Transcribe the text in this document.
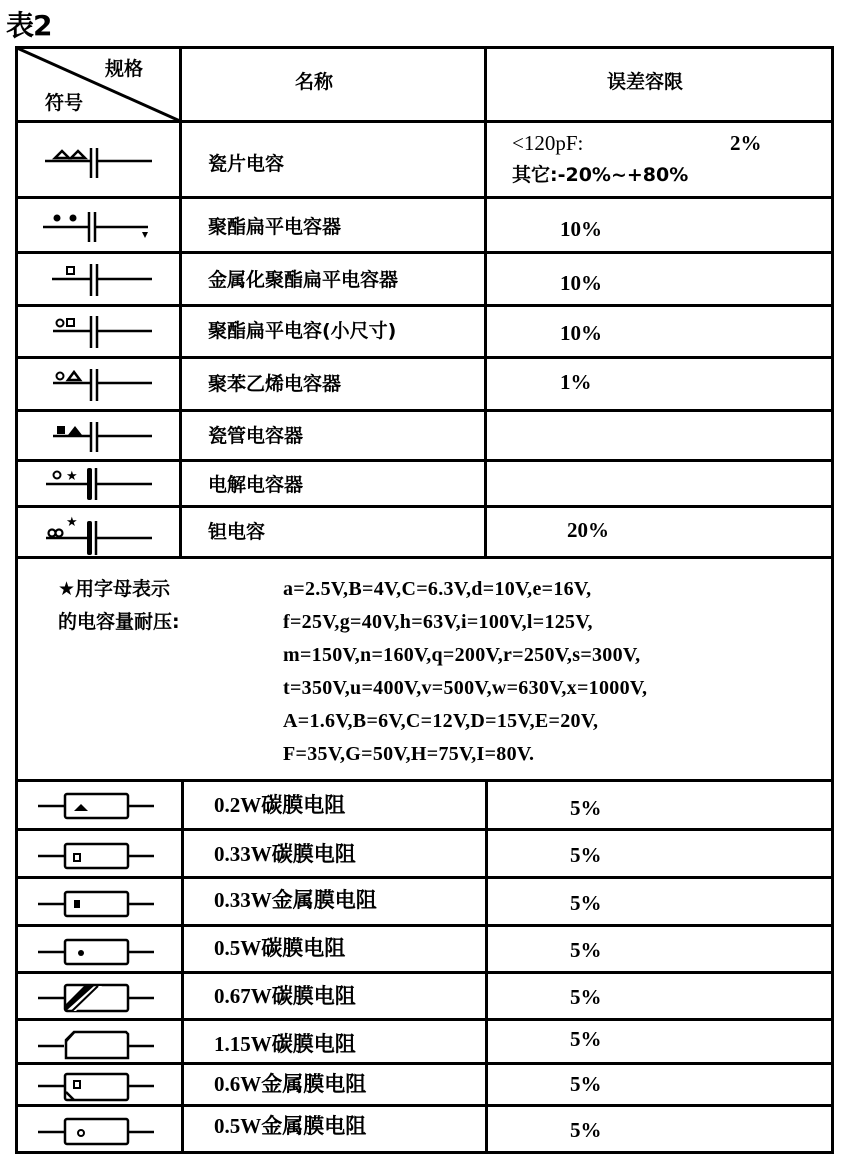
表2
规格
符号
名称	误差容限
瓷片电容
<120pF:	2%
其它:-20%~+80%
聚酯扁平电容器	10%
金属化聚酯扁平电容器	10%
聚酯扁平电容(小尺寸)	10%
聚苯乙烯电容器	1%
瓷管电容器
★	电解电容器
★	钽电容	20%
★用字母表示
的电容量耐压:
a=2.5V,B=4V,C=6.3V,d=10V,e=16V,
f=25V,g=40V,h=63V,i=100V,l=125V,
m=150V,n=160V,q=200V,r=250V,s=300V,
t=350V,u=400V,v=500V,w=630V,x=1000V,
A=1.6V,B=6V,C=12V,D=15V,E=20V,
F=35V,G=50V,H=75V,I=80V.
0.2W碳膜电阻	5%
0.33W碳膜电阻	5%
0.33W金属膜电阻	5%
0.5W碳膜电阻	5%
0.67W碳膜电阻	5%
1.15W碳膜电阻	5%
0.6W金属膜电阻	5%
0.5W金属膜电阻	5%
